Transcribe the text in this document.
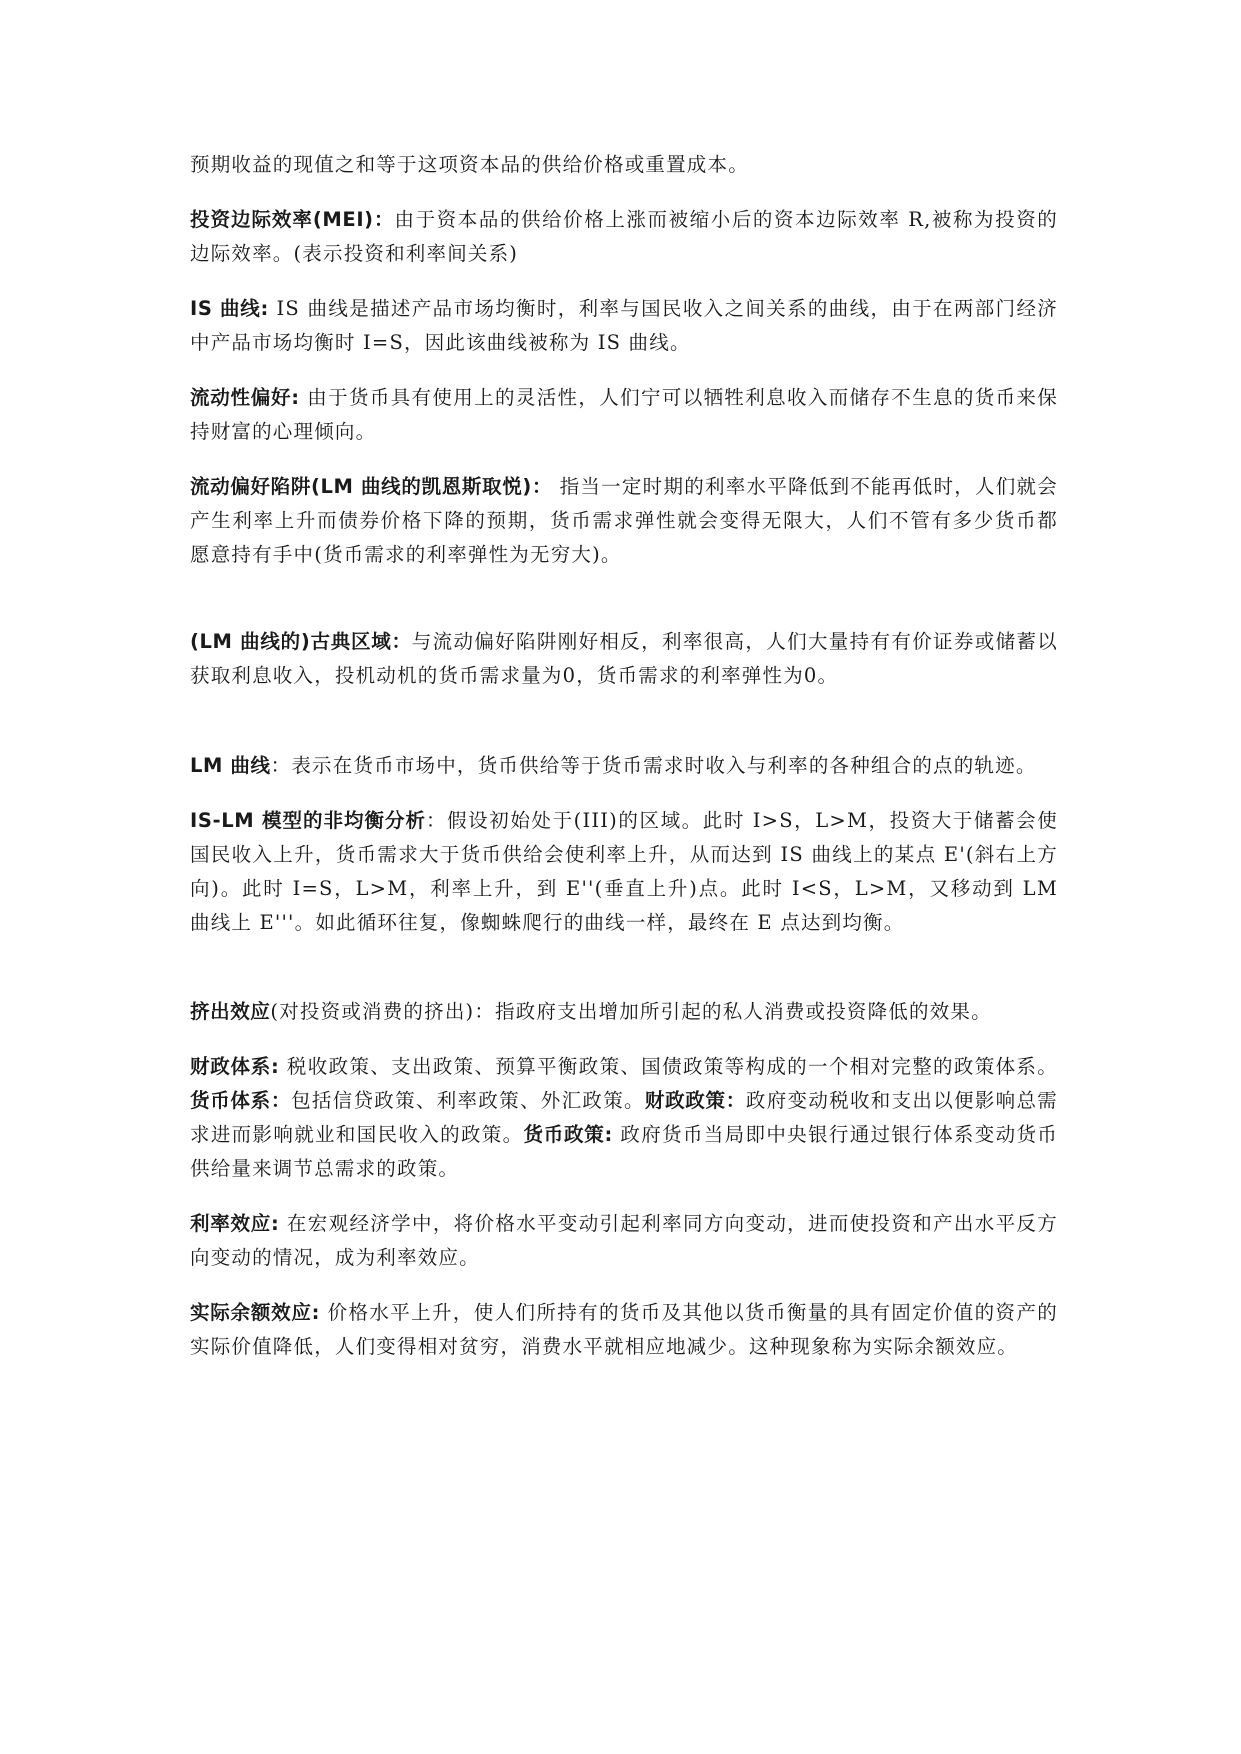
预期收益的现值之和等于这项资本品的供给价格或重置成本。

投资边际效率(MEI)：由于资本品的供给价格上涨而被缩小后的资本边际效率 R,被称为投资的边际效率。(表示投资和利率间关系)

IS 曲线: IS 曲线是描述产品市场均衡时，利率与国民收入之间关系的曲线，由于在两部门经济中产品市场均衡时 I=S，因此该曲线被称为 IS 曲线。

流动性偏好: 由于货币具有使用上的灵活性，人们宁可以牺牲利息收入而储存不生息的货币来保持财富的心理倾向。

流动偏好陷阱(LM 曲线的凯恩斯取悦)： 指当一定时期的利率水平降低到不能再低时，人们就会产生利率上升而债券价格下降的预期，货币需求弹性就会变得无限大，人们不管有多少货币都愿意持有手中(货币需求的利率弹性为无穷大)。

(LM 曲线的)古典区域：与流动偏好陷阱刚好相反，利率很高，人们大量持有有价证券或储蓄以获取利息收入，投机动机的货币需求量为0，货币需求的利率弹性为0。

LM 曲线：表示在货币市场中，货币供给等于货币需求时收入与利率的各种组合的点的轨迹。

IS-LM 模型的非均衡分析：假设初始处于(III)的区域。此时 I>S，L>M，投资大于储蓄会使国民收入上升，货币需求大于货币供给会使利率上升，从而达到 IS 曲线上的某点 E'(斜右上方向)。此时 I=S，L>M，利率上升，到 E''(垂直上升)点。此时 I<S，L>M，又移动到 LM 曲线上 E'''。如此循环往复，像蜘蛛爬行的曲线一样，最终在 E 点达到均衡。

挤出效应(对投资或消费的挤出)：指政府支出增加所引起的私人消费或投资降低的效果。

财政体系: 税收政策、支出政策、预算平衡政策、国债政策等构成的一个相对完整的政策体系。货币体系：包括信贷政策、利率政策、外汇政策。财政政策：政府变动税收和支出以便影响总需求进而影响就业和国民收入的政策。货币政策: 政府货币当局即中央银行通过银行体系变动货币供给量来调节总需求的政策。

利率效应: 在宏观经济学中，将价格水平变动引起利率同方向变动，进而使投资和产出水平反方向变动的情况，成为利率效应。

实际余额效应: 价格水平上升，使人们所持有的货币及其他以货币衡量的具有固定价值的资产的实际价值降低，人们变得相对贫穷，消费水平就相应地减少。这种现象称为实际余额效应。
